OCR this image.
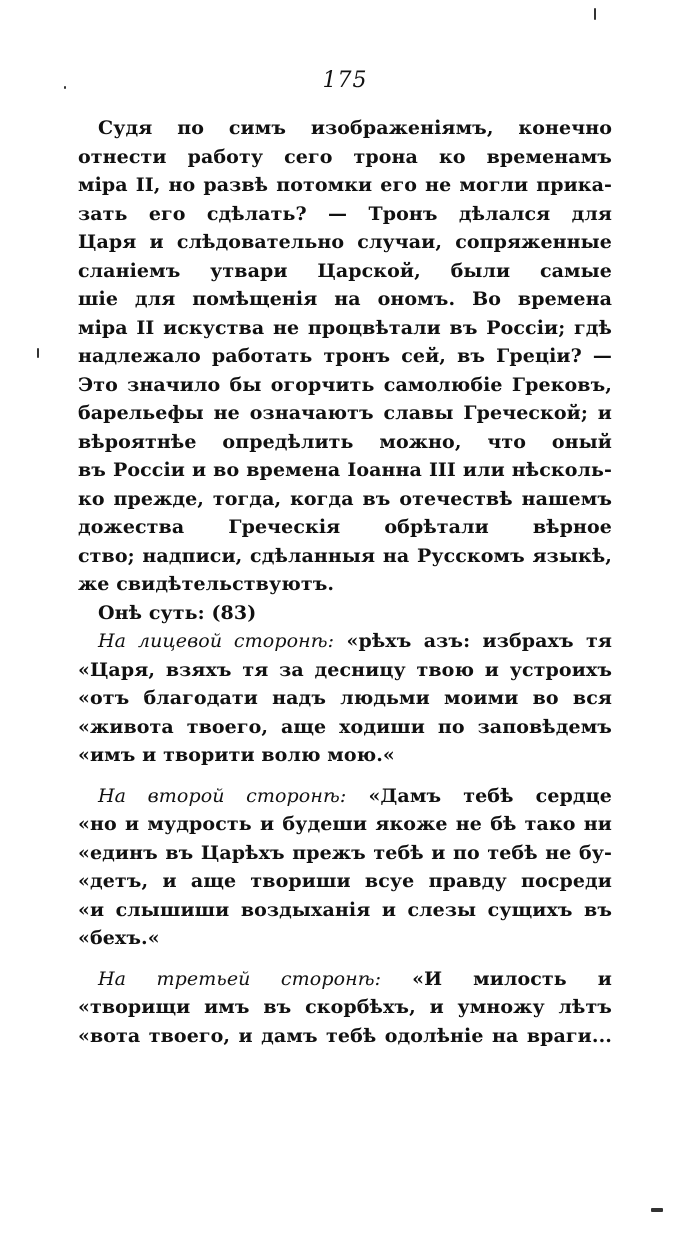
175
Судя по симъ изображеніямъ, конечно
отнести работу сего трона ко временамъ
міра II, но развѣ потомки его не могли прика-
зать его сдѣлать? — Тронъ дѣлался для
Царя и слѣдовательно случаи, сопряженные
сланіемъ утвари Царской, были самые
шіе для помѣщенія на ономъ. Во времена
міра II искуства не процвѣтали въ Россіи; гдѣ
надлежало работать тронъ сей, въ Греціи? —
Это значило бы огорчить самолюбіе Грековъ,
барельефы не означаютъ славы Греческой; и
вѣроятнѣе опредѣлить можно, что оный
въ Россіи и во времена Іоанна III или нѣсколь-
ко прежде, тогда, когда въ отечествѣ нашемъ
дожества Греческія обрѣтали вѣрное
ство; надписи, сдѣланныя на Русскомъ языкѣ,
же свидѣтельствуютъ.
Онѣ суть: (83)
На лицевой сторонѣ: «рѣхъ азъ: избрахъ тя
«Царя, взяхъ тя за десницу твою и устроихъ
«отъ благодати надъ людьми моими во вся
«живота твоего, аще ходиши по заповѣдемъ
«имъ и творити волю мою.«
На второй сторонѣ: «Дамъ тебѣ сердце
«но и мудрость и будеши якоже не бѣ тако ни
«единъ въ Царѣхъ прежъ тебѣ и по тебѣ не бу-
«детъ, и аще твориши всуе правду посреди
«и слышиши воздыханія и слезы сущихъ въ
«бехъ.«
На третьей сторонѣ: «И милость и
«творищи имъ въ скорбѣхъ, и умножу лѣтъ
«вота твоего, и дамъ тебѣ одолѣніе на враги...
